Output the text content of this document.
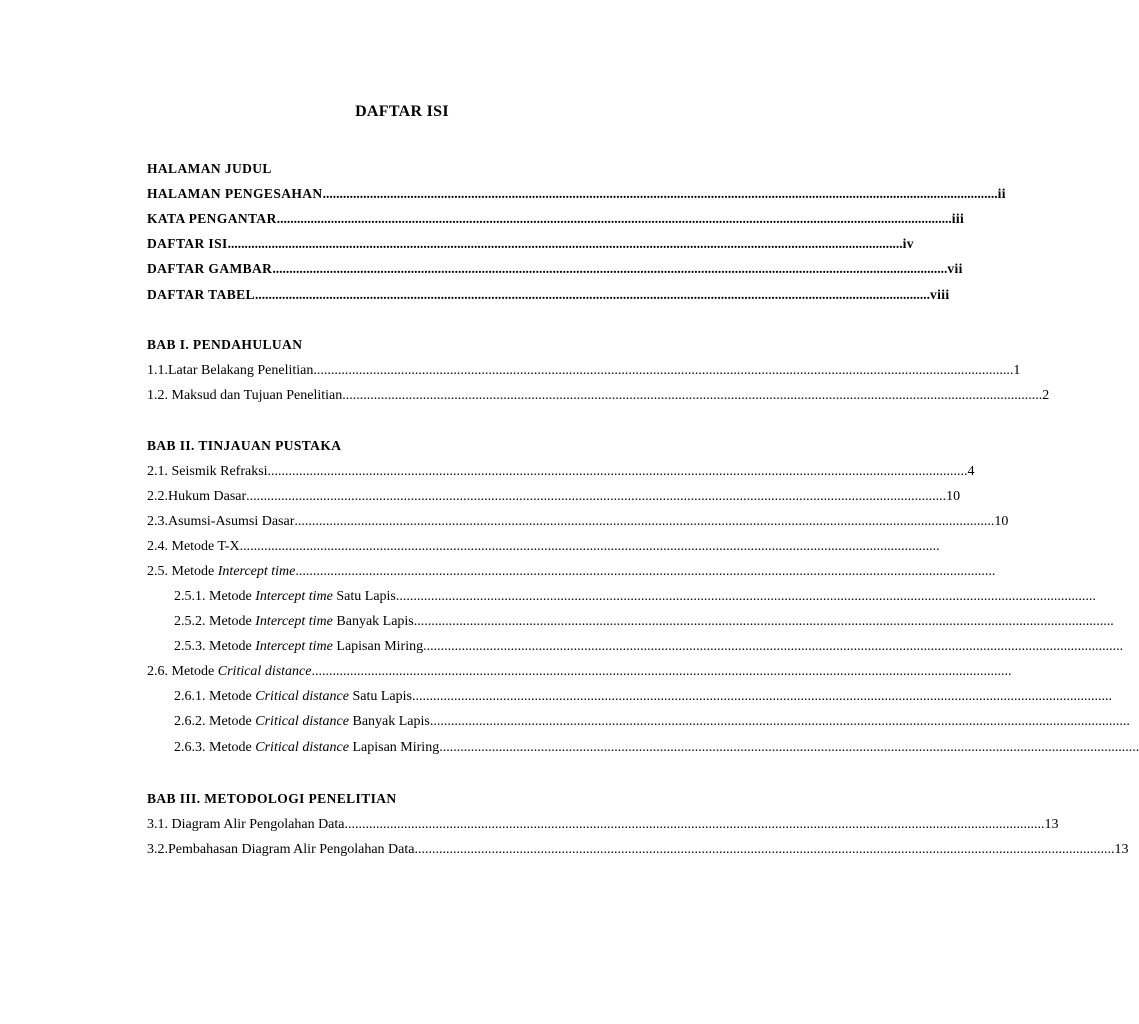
DAFTAR ISI
HALAMAN JUDUL
HALAMAN PENGESAHAN ........................................................................................................................................................................................................ ii
KATA PENGANTAR ........................................................................................................................................................................................................ iii
DAFTAR ISI ........................................................................................................................................................................................................ iv
DAFTAR GAMBAR ........................................................................................................................................................................................................ vii
DAFTAR TABEL ........................................................................................................................................................................................................ viii
BAB I. PENDAHULUAN
1.1.Latar Belakang Penelitian ........................................................................................................................................................................................................ 1
1.2. Maksud dan Tujuan Penelitian ........................................................................................................................................................................................................ 2
BAB II. TINJAUAN PUSTAKA
2.1. Seismik Refraksi ........................................................................................................................................................................................................ 4
2.2.Hukum Dasar ........................................................................................................................................................................................................ 10
2.3.Asumsi-Asumsi Dasar ........................................................................................................................................................................................................ 10
2.4. Metode T-X ........................................................................................................................................................................................................
2.5. Metode Intercept time ........................................................................................................................................................................................................
2.5.1. Metode Intercept time Satu Lapis ........................................................................................................................................................................................................
2.5.2. Metode Intercept time Banyak Lapis ........................................................................................................................................................................................................
2.5.3. Metode Intercept time Lapisan Miring ........................................................................................................................................................................................................
2.6. Metode Critical distance ........................................................................................................................................................................................................
2.6.1. Metode Critical distance Satu Lapis ........................................................................................................................................................................................................
2.6.2. Metode Critical distance Banyak Lapis ........................................................................................................................................................................................................
2.6.3. Metode Critical distance Lapisan Miring ........................................................................................................................................................................................................
BAB III. METODOLOGI PENELITIAN
3.1. Diagram Alir Pengolahan Data ........................................................................................................................................................................................................ 13
3.2.Pembahasan Diagram Alir Pengolahan Data ........................................................................................................................................................................................................ 13
